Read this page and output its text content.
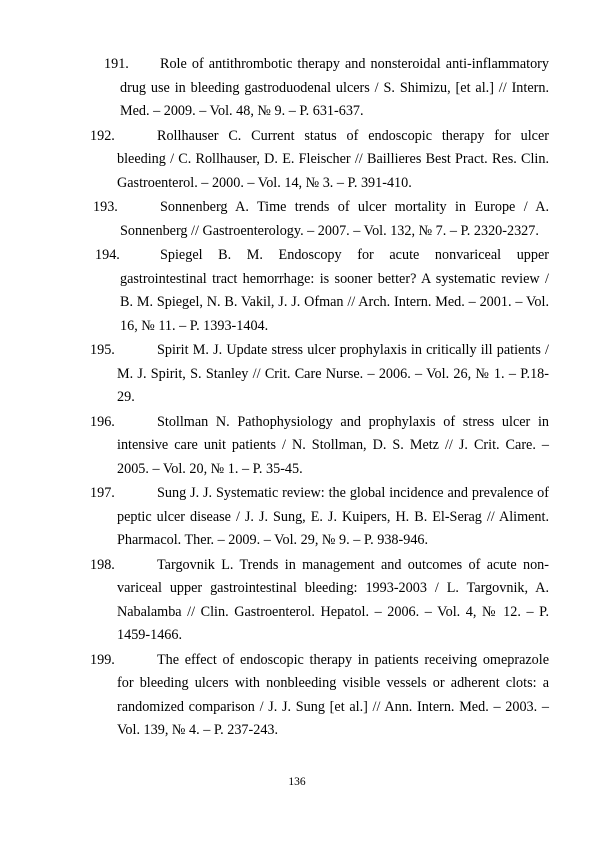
191.	Role of antithrombotic therapy and nonsteroidal anti-inflammatory drug use in bleeding gastroduodenal ulcers / S. Shimizu, [et al.] // Intern. Med. – 2009. – Vol. 48, № 9. – P. 631-637.
192.	Rollhauser C. Current status of endoscopic therapy for ulcer bleeding / C. Rollhauser, D. E. Fleischer // Baillieres Best Pract. Res. Clin. Gastroenterol. – 2000. – Vol. 14, № 3. – P. 391-410.
193.	Sonnenberg A. Time trends of ulcer mortality in Europe / A. Sonnenberg // Gastroenterology. – 2007. – Vol. 132, № 7. – P. 2320-2327.
194.	Spiegel B. M. Endoscopy for acute nonvariceal upper gastrointestinal tract hemorrhage: is sooner better? A systematic review / B. M. Spiegel, N. B. Vakil, J. J. Ofman // Arch. Intern. Med. – 2001. – Vol. 16, № 11. – P. 1393-1404.
195.	Spirit M. J. Update stress ulcer prophylaxis in critically ill patients / M. J. Spirit, S. Stanley // Crit. Care Nurse. – 2006. – Vol. 26, № 1. – P.18-29.
196.	Stollman N. Pathophysiology and prophylaxis of stress ulcer in intensive care unit patients / N. Stollman, D. S. Metz // J. Crit. Care. – 2005. – Vol. 20, № 1. – P. 35-45.
197.	Sung J. J. Systematic review: the global incidence and prevalence of peptic ulcer disease / J. J. Sung, E. J. Kuipers, H. B. El-Serag // Aliment. Pharmacol. Ther. – 2009. – Vol. 29, № 9. – P. 938-946.
198.	Targovnik L. Trends in management and outcomes of acute non-variceal upper gastrointestinal bleeding: 1993-2003 / L. Targovnik, A. Nabalamba // Clin. Gastroenterol. Hepatol. – 2006. – Vol. 4, № 12. – P. 1459-1466.
199.	The effect of endoscopic therapy in patients receiving omeprazole for bleeding ulcers with nonbleeding visible vessels or adherent clots: a randomized comparison / J. J. Sung [et al.] // Ann. Intern. Med. – 2003. – Vol. 139, № 4. – P. 237-243.
136
